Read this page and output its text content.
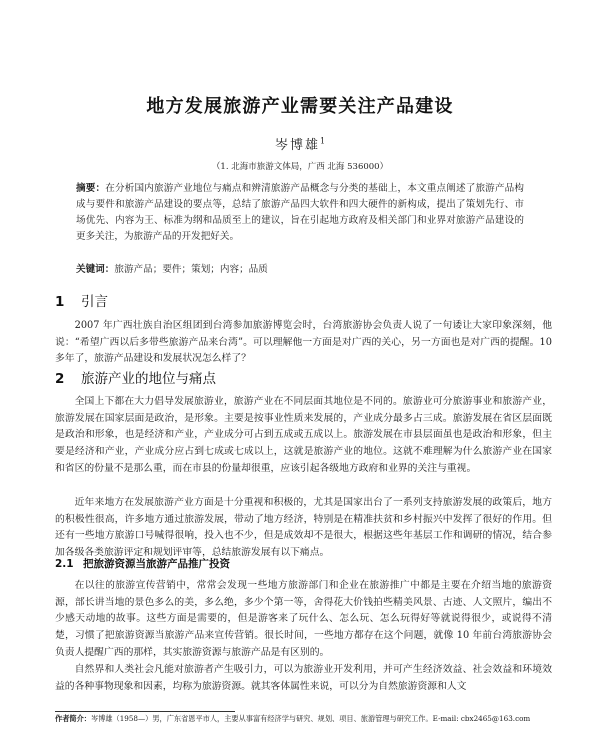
地方发展旅游产业需要关注产品建设
岑博雄$^1$
（1. 北海市旅游文体局，广西 北海 536000）
摘要：在分析国内旅游产业地位与痛点和辨清旅游产品概念与分类的基础上，本文重点阐述了旅游产品构成与要件和旅游产品建设的要点等，总结了旅游产品四大软件和四大硬件的新构成，提出了策划先行、市场优先、内容为王、标准为纲和品质至上的建议，旨在引起地方政府及相关部门和业界对旅游产品建设的更多关注，为旅游产品的开发把好关。
关键词：旅游产品；要件；策划；内容；品质
1 引言
2007 年广西壮族自治区组团到台湾参加旅游博览会时，台湾旅游协会负责人说了一句诿让大家印象深刻，他说：“希望广西以后多带些旅游产品来台湾”。可以理解他一方面是对广西的关心，另一方面也是对广西的提醒。10 多年了，旅游产品建设和发展状况怎么样了？
2 旅游产业的地位与痛点
全国上下都在大力倡导发展旅游业，旅游产业在不同层面其地位是不同的。旅游业可分旅游事业和旅游产业，旅游发展在国家层面是政治，是形象。主要是按事业性质来发展的，产业成分最多占三成。旅游发展在省区层面既是政治和形象，也是经济和产业，产业成分可占到五成或五成以上。旅游发展在市县层面虽也是政治和形象，但主要是经济和产业，产业成分应占到七成或七成以上，这就是旅游产业的地位。这就不难理解为什么旅游产业在国家和省区的份量不是那么重，而在市县的份量却很重，应该引起各级地方政府和业界的关注与重视。
近年来地方在发展旅游产业方面是十分重视和积极的，尤其是国家出台了一系列支持旅游发展的政策后，地方的积极性很高，许多地方通过旅游发展，带动了地方经济，特别是在精准扶贫和乡村振兴中发挥了很好的作用。但还有一些地方旅游口号喊得很响，投入也不少，但是成效却不是很大，根据这些年基层工作和调研的情况，结合参加各级各类旅游评定和规划评审等，总结旅游发展有以下痛点。
2.1 把旅游资源当旅游产品推广投资
在以往的旅游宣传营销中，常常会发现一些地方旅游部门和企业在旅游推广中都是主要在介绍当地的旅游资源，部长讲当地的景色多么的美，多么绝，多少个第一等，舍得花大价钱拍些精美风景、古迹、人文照片，编出不少感天动地的故事。这些方面是需要的，但是游客来了玩什么、怎么玩、怎么玩得好等就说得很少，或说得不清楚，习惯了把旅游资源当旅游产品来宣传营销。很长时间，一些地方都存在这个问题，就像 10 年前台湾旅游协会负责人提醒广西的那样，其实旅游资源与旅游产品是有区别的。
自然界和人类社会凡能对旅游者产生吸引力，可以为旅游业开发利用，并可产生经济效益、社会效益和环境效益的各种事物现象和因素，均称为旅游资源。就其客体属性来说，可以分为自然旅游资源和人文
作者简介：岑博雄（1958—）男，广东省恩平市人，主要从事富有经济学与研究、规划、项目、旅游管理与研究工作。E-mail: cbx2465@163.com
